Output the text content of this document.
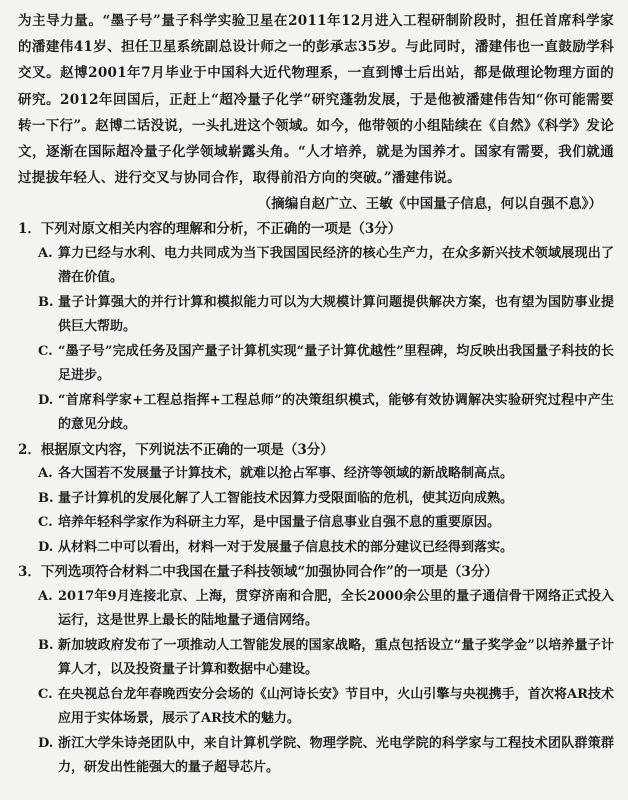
为主导力量。“墨子号”量子科学实验卫星在2011年12月进入工程研制阶段时，担任首席科学家的潘建伟41岁、担任卫星系统副总设计师之一的彭承志35岁。与此同时，潘建伟也一直鼓励学科交叉。赵博2001年7月毕业于中国科大近代物理系，一直到博士后出站，都是做理论物理方面的研究。2012年回国后，正赶上“超冷量子化学”研究蓬勃发展，于是他被潘建伟告知“你可能需要转一下行”。赵博二话没说，一头扎进这个领域。如今，他带领的小组陆续在《自然》《科学》发论文，逐渐在国际超冷量子化学领域崭露头角。“人才培养，就是为国养才。国家有需要，我们就通过提拔年轻人、进行交叉与协同合作，取得前沿方向的突破。”潘建伟说。

（摘编自赵广立、王敏《中国量子信息，何以自强不息》）

1．下列对原文相关内容的理解和分析，不正确的一项是（3分）

A. 算力已经与水利、电力共同成为当下我国国民经济的核心生产力，在众多新兴技术领域展现出了潜在价值。
B. 量子计算强大的并行计算和模拟能力可以为大规模计算问题提供解决方案，也有望为国防事业提供巨大帮助。
C. “墨子号”完成任务及国产量子计算机实现“量子计算优越性”里程碑，均反映出我国量子科技的长足进步。
D. “首席科学家+工程总指挥+工程总师”的决策组织模式，能够有效协调解决实验研究过程中产生的意见分歧。

2．根据原文内容，下列说法不正确的一项是（3分）

A. 各大国若不发展量子计算技术，就难以抢占军事、经济等领域的新战略制高点。
B. 量子计算机的发展化解了人工智能技术因算力受限面临的危机，使其迈向成熟。
C. 培养年轻科学家作为科研主力军，是中国量子信息事业自强不息的重要原因。
D. 从材料二中可以看出，材料一对于发展量子信息技术的部分建议已经得到落实。

3．下列选项符合材料二中我国在量子科技领域“加强协同合作”的一项是（3分）

A. 2017年9月连接北京、上海，贯穿济南和合肥，全长2000余公里的量子通信骨干网络正式投入运行，这是世界上最长的陆地量子通信网络。
B. 新加坡政府发布了一项推动人工智能发展的国家战略，重点包括设立“量子奖学金”以培养量子计算人才，以及投资量子计算和数据中心建设。
C. 在央视总台龙年春晚西安分会场的《山河诗长安》节目中，火山引擎与央视携手，首次将AR技术应用于实体场景，展示了AR技术的魅力。
D. 浙江大学朱诗尧团队中，来自计算机学院、物理学院、光电学院的科学家与工程技术团队群策群力，研发出性能强大的量子超导芯片。
